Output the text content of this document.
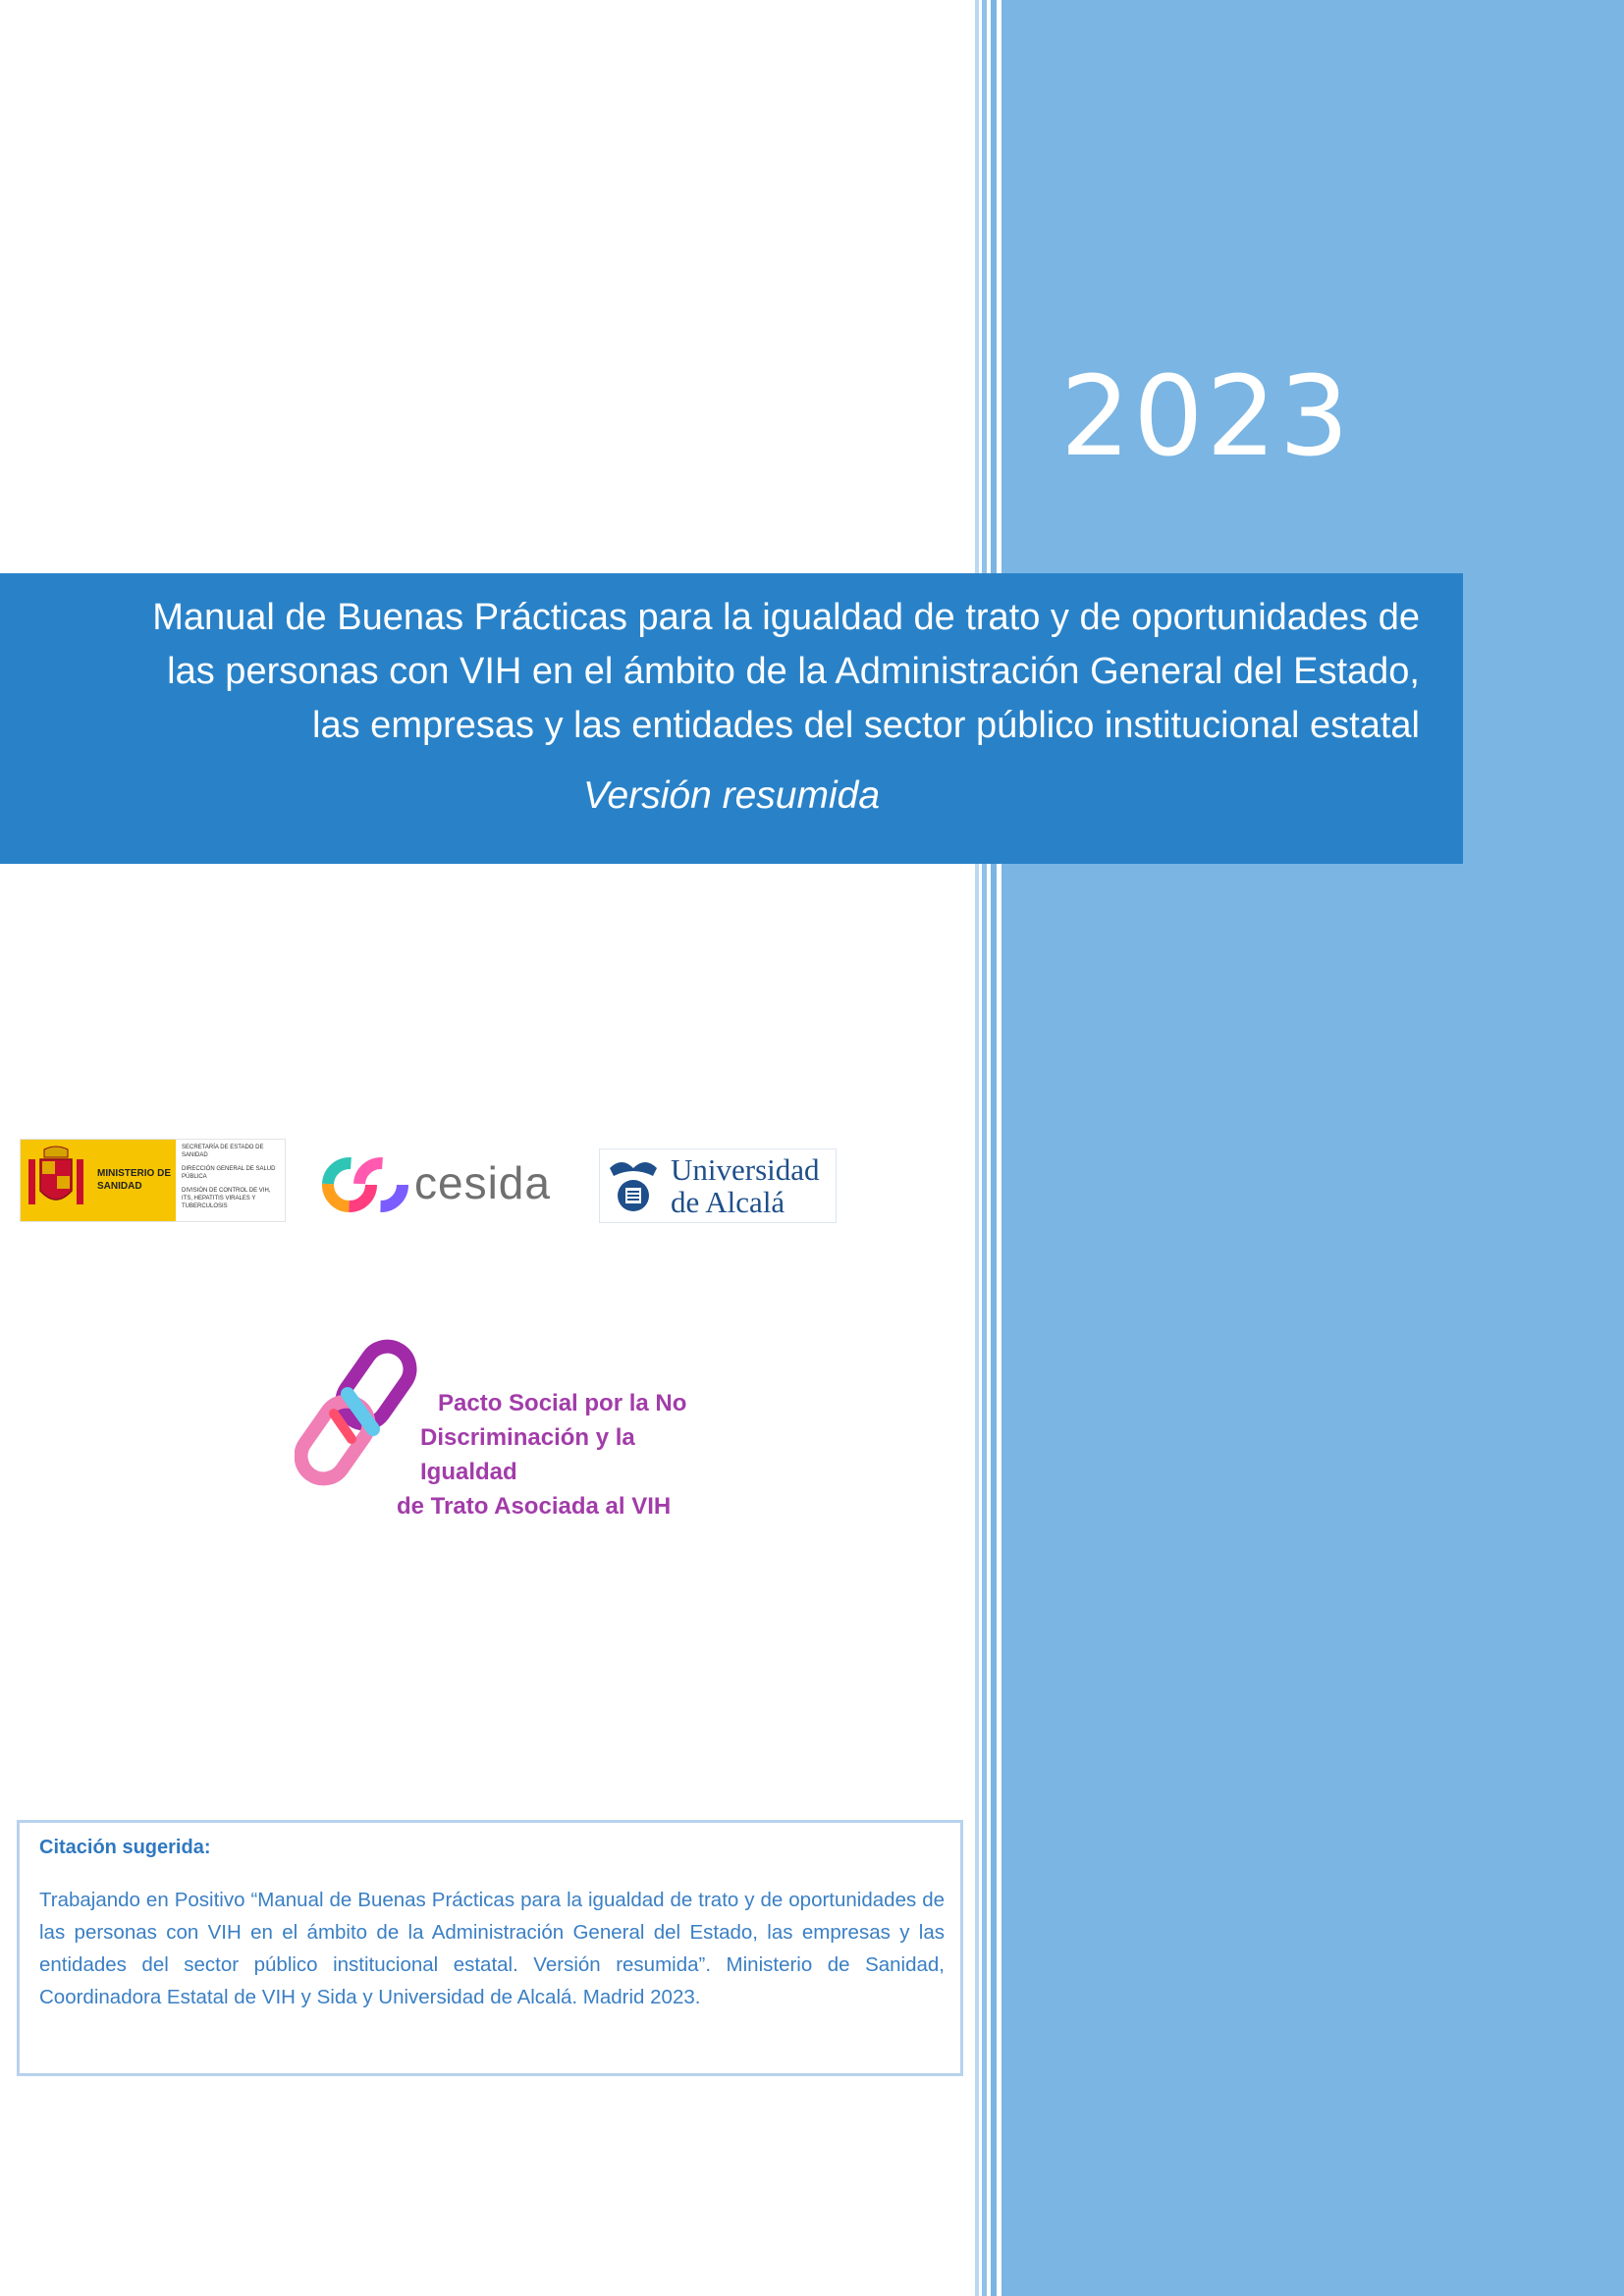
2023
Manual de Buenas Prácticas para la igualdad de trato y de oportunidades de
las personas con VIH en el ámbito de la Administración General del Estado,
las empresas y las entidades del sector público institucional estatal
Versión resumida
MINISTERIO DE SANIDAD
SECRETARÍA DE ESTADO DE SANIDAD
DIRECCIÓN GENERAL DE SALUD PÚBLICA
DIVISIÓN DE CONTROL DE VIH, ITS, HEPATITIS VIRALES Y TUBERCULOSIS	cesida	Universidad
de Alcalá
Pacto Social por la No
Discriminación y la Igualdad
de Trato Asociada al VIH
Citación sugerida:
Trabajando en Positivo “Manual de Buenas Prácticas para la igualdad de trato y de oportunidades de las personas con VIH en el ámbito de la Administración General del Estado, las empresas y las entidades del sector público institucional estatal. Versión resumida”. Ministerio de Sanidad, Coordinadora Estatal de VIH y Sida y Universidad de Alcalá. Madrid 2023.
